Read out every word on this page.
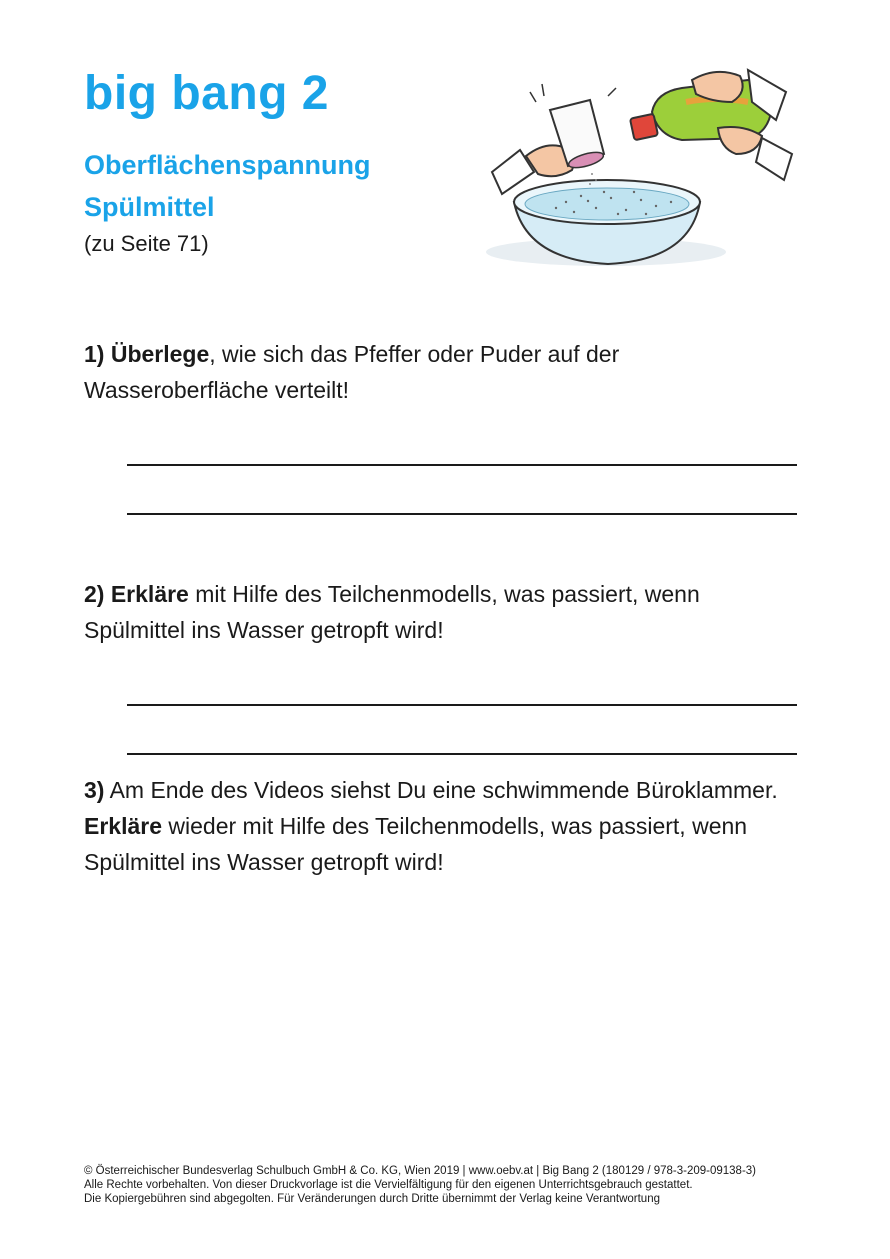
big bang 2
Oberflächenspannung
Spülmittel
(zu Seite 71)
1) Überlege, wie sich das Pfeffer oder Puder auf der Wasseroberfläche verteilt!
2) Erkläre mit Hilfe des Teilchenmodells, was passiert, wenn Spülmittel ins Wasser getropft wird!
3) Am Ende des Videos siehst Du eine schwimmende Büroklammer. Erkläre wieder mit Hilfe des Teilchenmodells, was passiert, wenn Spülmittel ins Wasser getropft wird!
© Österreichischer Bundesverlag Schulbuch GmbH & Co. KG, Wien 2019 | www.oebv.at | Big Bang 2 (180129 / 978-3-209-09138-3)
Alle Rechte vorbehalten. Von dieser Druckvorlage ist die Vervielfältigung für den eigenen Unterrichtsgebrauch gestattet.
Die Kopiergebühren sind abgegolten. Für Veränderungen durch Dritte übernimmt der Verlag keine Verantwortung
